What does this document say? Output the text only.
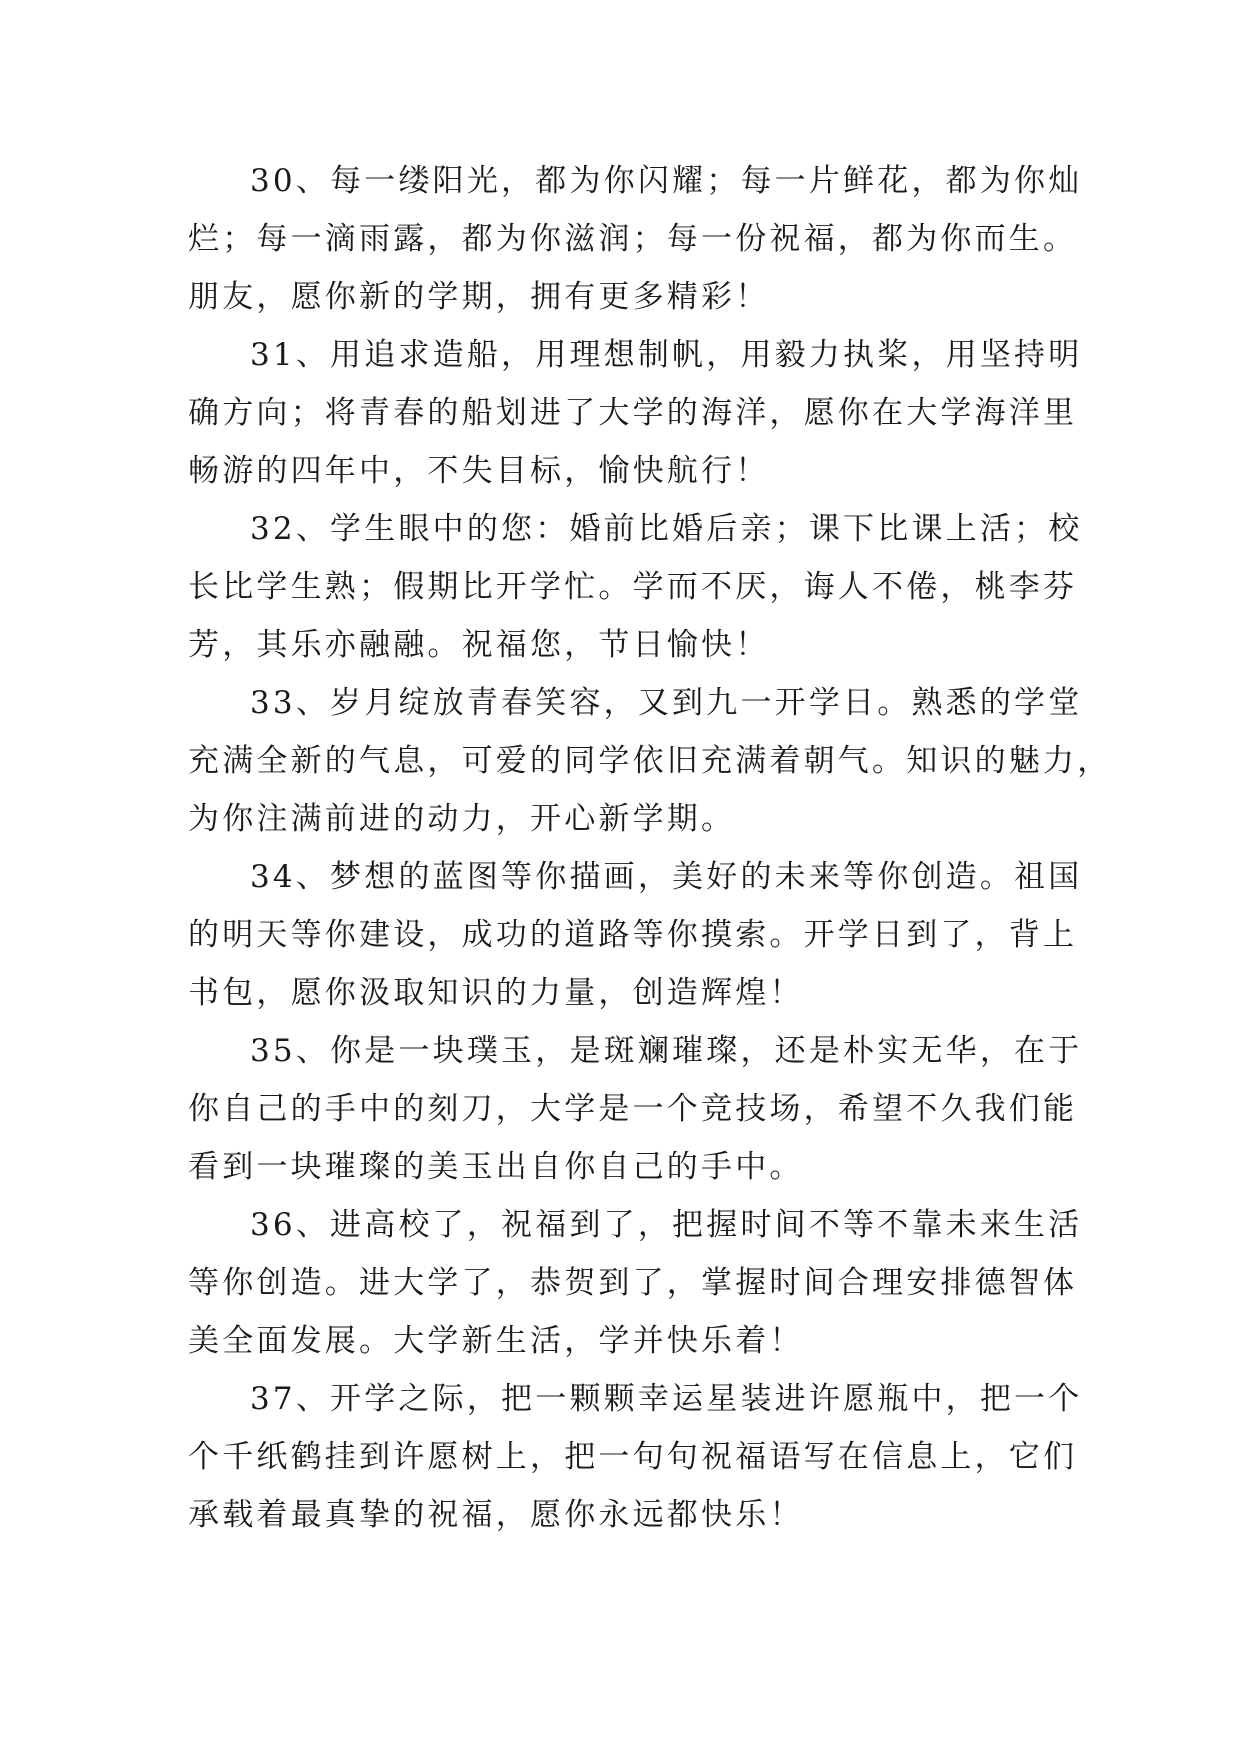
30、每一缕阳光，都为你闪耀；每一片鲜花，都为你灿
烂；每一滴雨露，都为你滋润；每一份祝福，都为你而生。
朋友，愿你新的学期，拥有更多精彩！
31、用追求造船，用理想制帆，用毅力执桨，用坚持明
确方向；将青春的船划进了大学的海洋，愿你在大学海洋里
畅游的四年中，不失目标，愉快航行！
32、学生眼中的您：婚前比婚后亲；课下比课上活；校
长比学生熟；假期比开学忙。学而不厌，诲人不倦，桃李芬
芳，其乐亦融融。祝福您，节日愉快！
33、岁月绽放青春笑容，又到九一开学日。熟悉的学堂
充满全新的气息，可爱的同学依旧充满着朝气。知识的魅力，
为你注满前进的动力，开心新学期。
34、梦想的蓝图等你描画，美好的未来等你创造。祖国
的明天等你建设，成功的道路等你摸索。开学日到了，背上
书包，愿你汲取知识的力量，创造辉煌！
35、你是一块璞玉，是斑斓璀璨，还是朴实无华，在于
你自己的手中的刻刀，大学是一个竞技场，希望不久我们能
看到一块璀璨的美玉出自你自己的手中。
36、进高校了，祝福到了，把握时间不等不靠未来生活
等你创造。进大学了，恭贺到了，掌握时间合理安排德智体
美全面发展。大学新生活，学并快乐着！
37、开学之际，把一颗颗幸运星装进许愿瓶中，把一个
个千纸鹤挂到许愿树上，把一句句祝福语写在信息上，它们
承载着最真挚的祝福，愿你永远都快乐！
